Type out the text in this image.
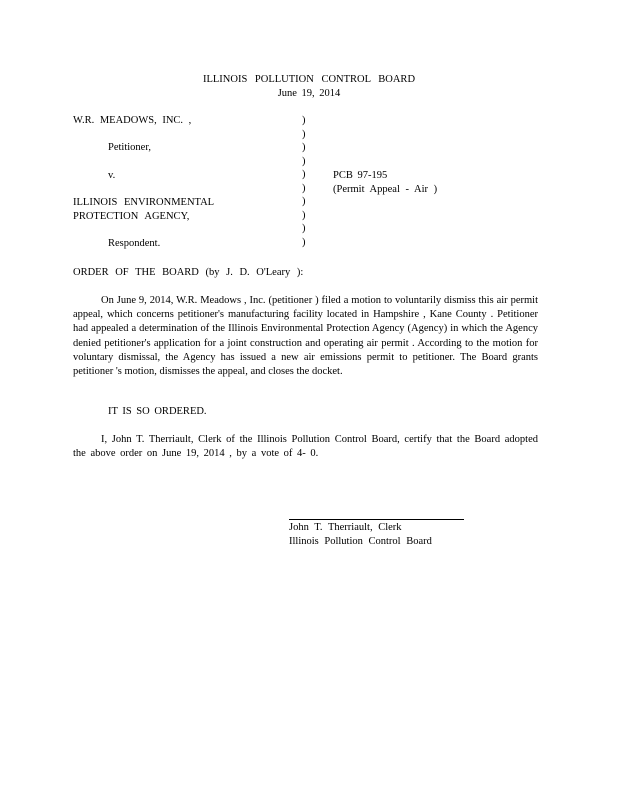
ILLINOIS POLLUTION CONTROL BOARD
June 19, 2014
W.R. MEADOWS, INC. ,
Petitioner,
v.
ILLINOIS ENVIRONMENTAL
PROTECTION AGENCY,
Respondent.
)
)
)
)
)
)
)
)
)
)
PCB 97-195
(Permit Appeal - Air )
ORDER OF THE BOARD (by J. D. O'Leary ):
On June 9, 2014, W.R. Meadows , Inc. (petitioner ) filed a motion to voluntarily dismiss this air permit appeal, which concerns petitioner's manufacturing facility located in Hampshire , Kane County . Petitioner had appealed a determination of the Illinois Environmental Protection Agency (Agency) in which the Agency denied petitioner's application for a joint construction and operating air permit . According to the motion for voluntary dismissal, the Agency has issued a new air emissions permit to petitioner. The Board grants petitioner 's motion, dismisses the appeal, and closes the docket.
IT IS SO ORDERED.
I, John T. Therriault, Clerk of the Illinois Pollution Control Board, certify that the Board adopted the above order on June 19, 2014 , by a vote of 4- 0.
John T. Therriault, Clerk
Illinois Pollution Control Board
